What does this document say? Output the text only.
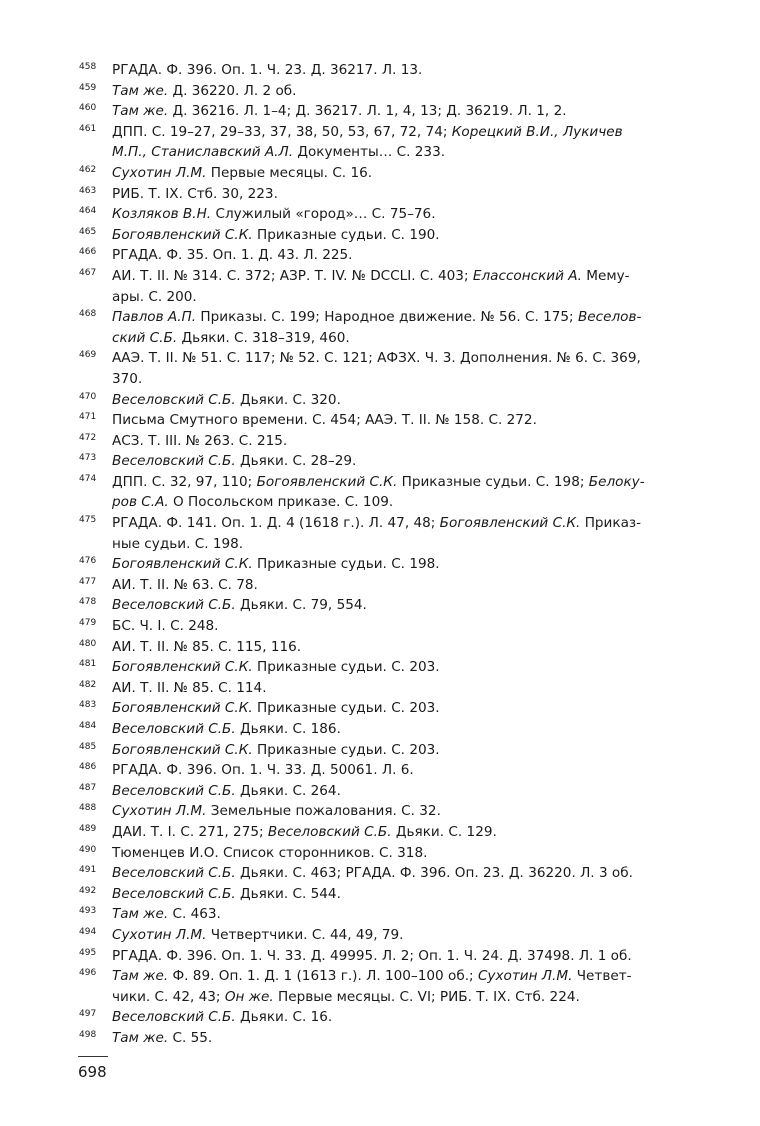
458 РГАДА. Ф. 396. Оп. 1. Ч. 23. Д. 36217. Л. 13.
459 Там же. Д. 36220. Л. 2 об.
460 Там же. Д. 36216. Л. 1–4; Д. 36217. Л. 1, 4, 13; Д. 36219. Л. 1, 2.
461 ДПП. С. 19–27, 29–33, 37, 38, 50, 53, 67, 72, 74; Корецкий В.И., Лукичев
М.П., Станиславский А.Л. Документы… С. 233.
462 Сухотин Л.М. Первые месяцы. С. 16.
463 РИБ. Т. IX. Стб. 30, 223.
464 Козляков В.Н. Служилый «город»… С. 75–76.
465 Богоявленский С.К. Приказные судьи. С. 190.
466 РГАДА. Ф. 35. Оп. 1. Д. 43. Л. 225.
467 АИ. Т. II. № 314. С. 372; АЗР. Т. IV. № DCCLI. С. 403; Елассонский А. Мему-
ары. С. 200.
468 Павлов А.П. Приказы. С. 199; Народное движение. № 56. С. 175; Веселов-
ский С.Б. Дьяки. С. 318–319, 460.
469 ААЭ. Т. II. № 51. С. 117; № 52. С. 121; АФЗХ. Ч. 3. Дополнения. № 6. С. 369,
370.
470 Веселовский С.Б. Дьяки. С. 320.
471 Письма Смутного времени. С. 454; ААЭ. Т. II. № 158. С. 272.
472 АСЗ. Т. III. № 263. С. 215.
473 Веселовский С.Б. Дьяки. С. 28–29.
474 ДПП. С. 32, 97, 110; Богоявленский С.К. Приказные судьи. С. 198; Белоку-
ров С.А. О Посольском приказе. С. 109.
475 РГАДА. Ф. 141. Оп. 1. Д. 4 (1618 г.). Л. 47, 48; Богоявленский С.К. Приказ-
ные судьи. С. 198.
476 Богоявленский С.К. Приказные судьи. С. 198.
477 АИ. Т. II. № 63. С. 78.
478 Веселовский С.Б. Дьяки. С. 79, 554.
479 БС. Ч. I. С. 248.
480 АИ. Т. II. № 85. С. 115, 116.
481 Богоявленский С.К. Приказные судьи. С. 203.
482 АИ. Т. II. № 85. С. 114.
483 Богоявленский С.К. Приказные судьи. С. 203.
484 Веселовский С.Б. Дьяки. С. 186.
485 Богоявленский С.К. Приказные судьи. С. 203.
486 РГАДА. Ф. 396. Оп. 1. Ч. 33. Д. 50061. Л. 6.
487 Веселовский С.Б. Дьяки. С. 264.
488 Сухотин Л.М. Земельные пожалования. С. 32.
489 ДАИ. Т. I. С. 271, 275; Веселовский С.Б. Дьяки. С. 129.
490 Тюменцев И.О. Список сторонников. С. 318.
491 Веселовский С.Б. Дьяки. С. 463; РГАДА. Ф. 396. Оп. 23. Д. 36220. Л. 3 об.
492 Веселовский С.Б. Дьяки. С. 544.
493 Там же. С. 463.
494 Сухотин Л.М. Четвертчики. С. 44, 49, 79.
495 РГАДА. Ф. 396. Оп. 1. Ч. 33. Д. 49995. Л. 2; Оп. 1. Ч. 24. Д. 37498. Л. 1 об.
496 Там же. Ф. 89. Оп. 1. Д. 1 (1613 г.). Л. 100–100 об.; Сухотин Л.М. Четвет-
чики. С. 42, 43; Он же. Первые месяцы. С. VI; РИБ. Т. IX. Стб. 224.
497 Веселовский С.Б. Дьяки. С. 16.
498 Там же. С. 55.
698
